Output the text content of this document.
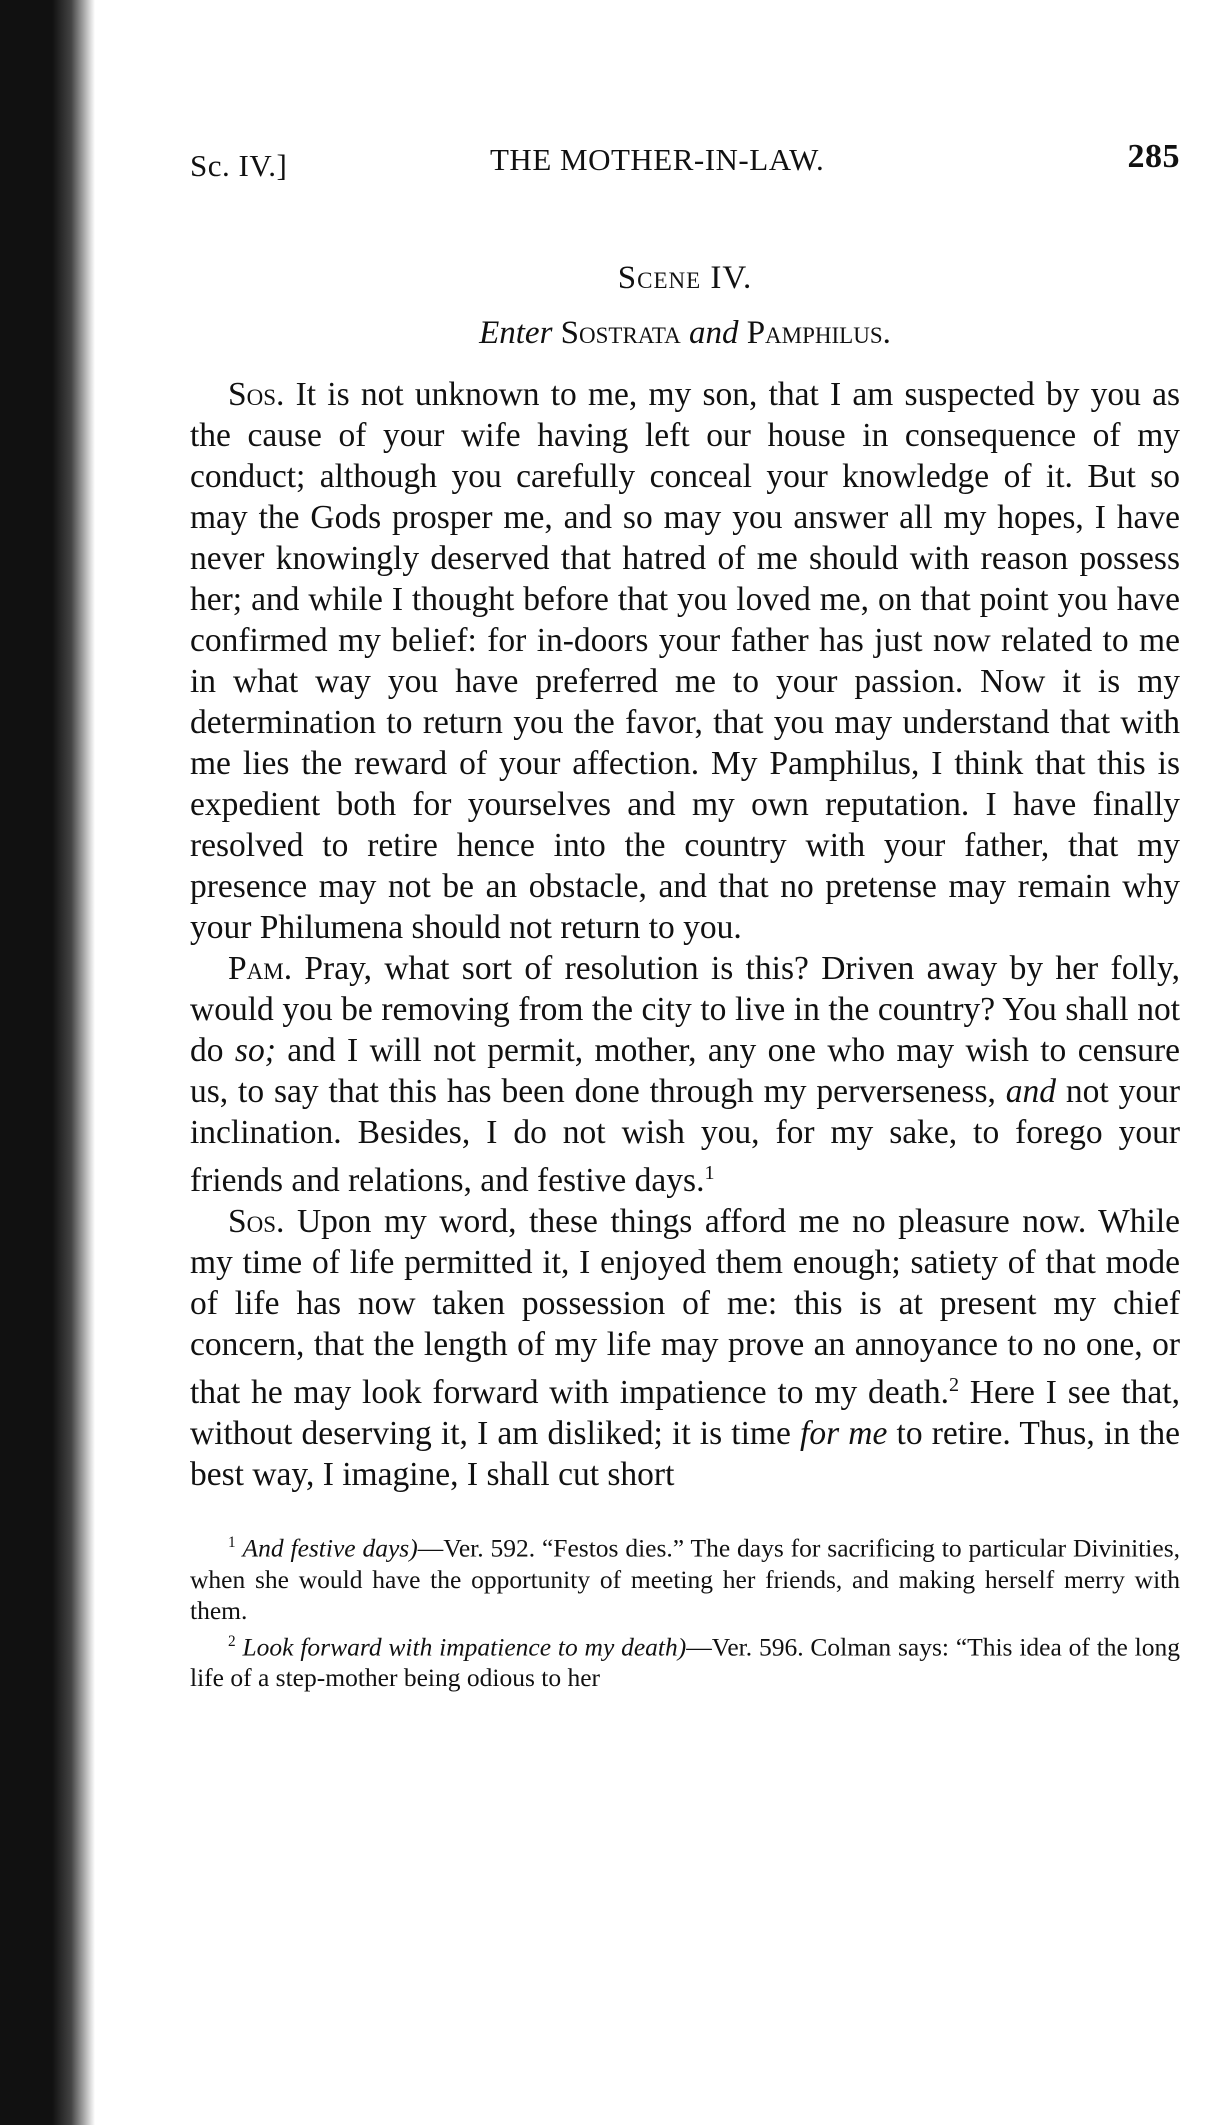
Sc. IV.]	THE MOTHER-IN-LAW.	285
Scene IV.
Enter Sostrata and Pamphilus.

Sos. It is not unknown to me, my son, that I am suspected by you as the cause of your wife having left our house in consequence of my conduct; although you carefully conceal your knowledge of it. But so may the Gods prosper me, and so may you answer all my hopes, I have never knowingly deserved that hatred of me should with reason possess her; and while I thought before that you loved me, on that point you have confirmed my belief: for in-doors your father has just now related to me in what way you have preferred me to your passion. Now it is my determination to return you the favor, that you may understand that with me lies the reward of your affection. My Pamphilus, I think that this is expedient both for yourselves and my own reputation. I have finally resolved to retire hence into the country with your father, that my presence may not be an obstacle, and that no pretense may remain why your Philumena should not return to you.

Pam. Pray, what sort of resolution is this? Driven away by her folly, would you be removing from the city to live in the country? You shall not do so; and I will not permit, mother, any one who may wish to censure us, to say that this has been done through my perverseness, and not your inclination. Besides, I do not wish you, for my sake, to forego your friends and relations, and festive days.$^1$

Sos. Upon my word, these things afford me no pleasure now. While my time of life permitted it, I enjoyed them enough; satiety of that mode of life has now taken possession of me: this is at present my chief concern, that the length of my life may prove an annoyance to no one, or that he may look forward with impatience to my death.$^2$ Here I see that, without deserving it, I am disliked; it is time for me to retire. Thus, in the best way, I imagine, I shall cut short

$^1$ And festive days)—Ver. 592. “Festos dies.” The days for sacrificing to particular Divinities, when she would have the opportunity of meeting her friends, and making herself merry with them.

$^2$ Look forward with impatience to my death)—Ver. 596. Colman says: “This idea of the long life of a step-mother being odious to her
